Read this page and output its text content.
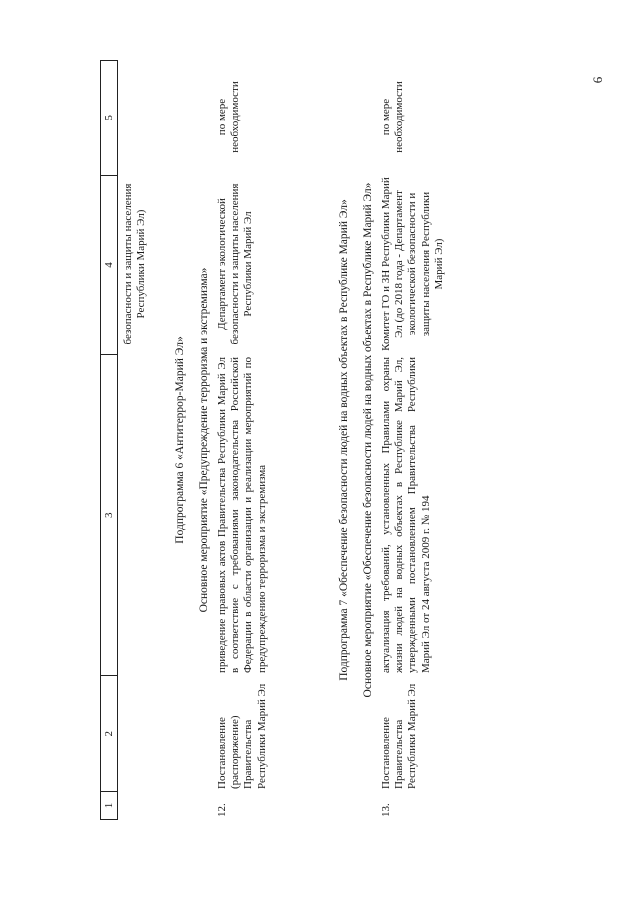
6
1
2
3
4
5
безопасности и защиты населения Республики Марий Эл)
Подпрограмма 6 «Антитеррор-Марий Эл»	Основное мероприятие «Предупреждение терроризма и экстремизма»
12.
Постановление (распоряжение) Правительства Республики Марий Эл
приведение правовых актов Правительства Республики Марий Эл в соответствие с требованиями законодательства Российской Федерации в области организации и реализации мероприятий по предупреждению терроризма и экстремизма
Департамент экологической безопасности и защиты населения Республики Марий Эл
по мере необходимости
Подпрограмма 7 «Обеспечение безопасности людей на водных объектах в Республике Марий Эл»	Основное мероприятие «Обеспечение безопасности людей на водных объектах в Республике Марий Эл»
13.
Постановление Правительства Республики Марий Эл
актуализация требований, установленных Правилами охраны жизни людей на водных объектах в Республике Марий Эл, утвержденными постановлением Правительства Республики Марий Эл от 24 августа 2009 г. № 194
Комитет ГО и ЗН Республики Марий Эл (до 2018 года - Департамент экологической безопасности и защиты населения Республики Марий Эл)
по мере необходимости
